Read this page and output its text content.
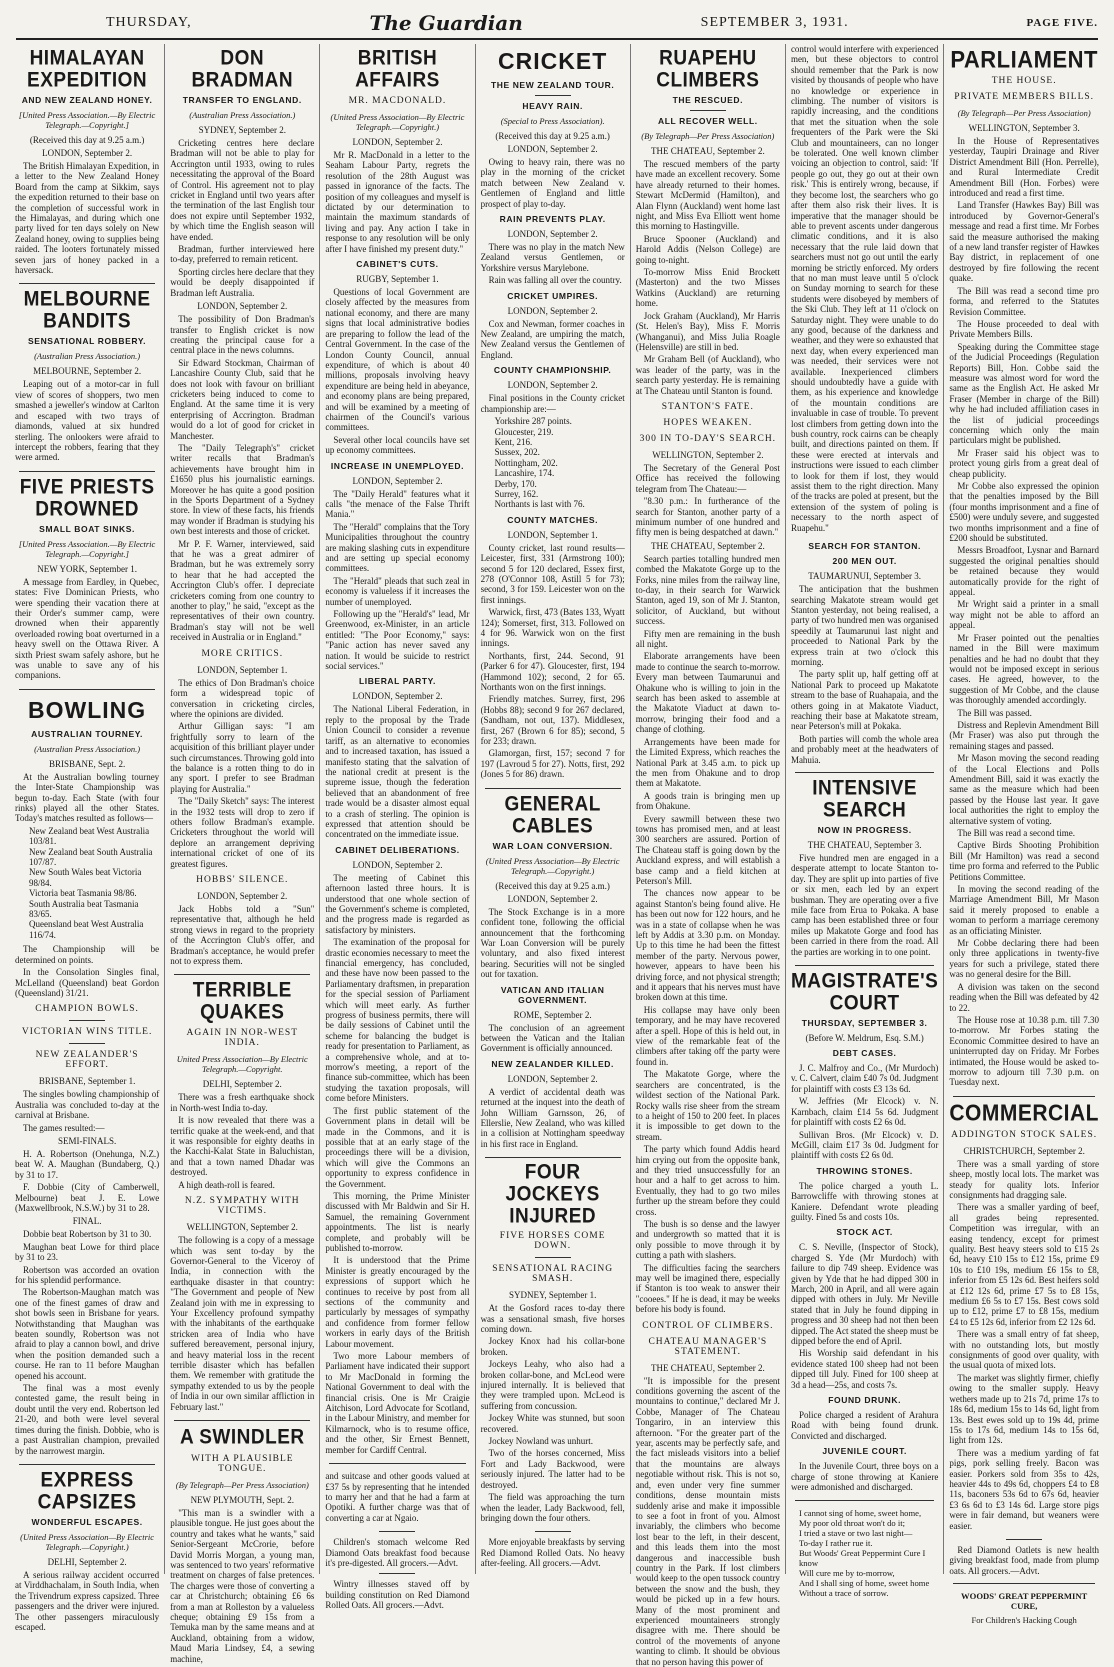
THURSDAY,	The Guardian	SEPTEMBER 3, 1931.	PAGE FIVE.
HIMALAYAN EXPEDITION
AND NEW ZEALAND HONEY.
[United Press Association.—By Electric Telegraph.—Copyright.]
(Received this day at 9.25 a.m.)
LONDON, September 2.

The British Himalayan Expedition, in a letter to the New Zealand Honey Board from the camp at Sikkim, says the expedition returned to their base on the completion of successful work in the Himalayas, and during which one party lived for ten days solely on New Zealand honey, owing to supplies being raided. The looters fortunately missed seven jars of honey packed in a haversack.

MELBOURNE BANDITS
SENSATIONAL ROBBERY.
(Australian Press Association.)
MELBOURNE, September 2.

Leaping out of a motor-car in full view of scores of shoppers, two men smashed a jeweller's window at Carlton and escaped with two trays of diamonds, valued at six hundred sterling. The onlookers were afraid to intercept the robbers, fearing that they were armed.

FIVE PRIESTS DROWNED
SMALL BOAT SINKS.
[United Press Association.—By Electric Telegraph.—Copyright.]
NEW YORK, September 1.

A message from Eardley, in Quebec, states: Five Dominican Priests, who were spending their vacation there at their Order's summer camp, were drowned when their apparently overloaded rowing boat overturned in a heavy swell on the Ottawa River. A sixth Priest swam safely ashore, but he was unable to save any of his companions.

BOWLING
AUSTRALIAN TOURNEY.
(Australian Press Association.)
BRISBANE, Sept. 2.

At the Australian bowling tourney the Inter-State Championship was begun to-day. Each State (with four rinks) played all the other States. Today's matches resulted as follows—

New Zealand beat West Australia 103/81.
New Zealand beat South Australia 107/87.
New South Wales beat Victoria 98/84.
Victoria beat Tasmania 98/86.
South Australia beat Tasmania 83/65.
Queensland beat West Australia 116/74.

The Championship will be determined on points.

In the Consolation Singles final, McLelland (Queensland) beat Gordon (Queensland) 31/21.

CHAMPION BOWLS.
VICTORIAN WINS TITLE.
NEW ZEALANDER'S EFFORT.
BRISBANE, September 1.

The singles bowling championship of Australia was concluded to-day at the carnival at Brisbane.

The games resulted:—

SEMI-FINALS.

H. A. Robertson (Onehunga, N.Z.) beat W. A. Maughan (Bundaberg, Q.) by 31 to 17.

F. Dobbie (City of Camberwell, Melbourne) beat J. E. Lowe (Maxwellbrook, N.S.W.) by 31 to 28.

FINAL.

Dobbie beat Robertson by 31 to 30.

Maughan beat Lowe for third place by 31 to 23.

Robertson was accorded an ovation for his splendid performance.

The Robertson-Maughan match was one of the finest games of draw and shot bowls seen in Brisbane for years. Notwithstanding that Maughan was beaten soundly, Robertson was not afraid to play a cannon bowl, and drive when the position demanded such a course. He ran to 11 before Maughan opened his account.

The final was a most evenly contested game, the result being in doubt until the very end. Robertson led 21-20, and both were level several times during the finish. Dobbie, who is a past Australian champion, prevailed by the narrowest margin.

EXPRESS CAPSIZES
WONDERFUL ESCAPES.
(United Press Association—By Electric Telegraph.—Copyright.)
DELHI, September 2.

A serious railway accident occurred at Virddhachalam, in South India, when the Trivendrum express capsized. Three passengers and the driver were injured. The other passengers miraculously escaped.

DON BRADMAN
TRANSFER TO ENGLAND.
(Australian Press Association.)
SYDNEY, September 2.

Cricketing centres here declare Bradman will not be able to play for Accrington until 1933, owing to rules necessitating the approval of the Board of Control. His agreement not to play cricket in England until two years after the termination of the last English tour does not expire until September 1932, by which time the English season will have ended.

Bradman, further interviewed here to-day, preferred to remain reticent.

Sporting circles here declare that they would be deeply disappointed if Bradman left Australia.

LONDON, September 2.

The possibility of Don Bradman's transfer to English cricket is now creating the principal cause for a central place in the news columns.

Sir Edward Stockman, Chairman of Lancashire County Club, said that he does not look with favour on brilliant cricketers being induced to come to England. At the same time it is very enterprising of Accrington. Bradman would do a lot of good for cricket in Manchester.

The "Daily Telegraph's" cricket writer recalls that Bradman's achievements have brought him in £1650 plus his journalistic earnings. Moreover he has quite a good position in the Sports Department of a Sydney store. In view of these facts, his friends may wonder if Bradman is studying his own best interests and those of cricket.

Mr P. F. Warner, interviewed, said that he was a great admirer of Bradman, but he was extremely sorry to hear that he had accepted the Accrington Club's offer. I depreciate cricketers coming from one country to another to play," he said, "except as the representatives of their own country. Bradman's stay will not be well received in Australia or in England."

MORE CRITICS.
LONDON, September 1.

The ethics of Don Bradman's choice form a widespread topic of conversation in cricketing circles, where the opinions are divided.

Arthur Gilligan says: "I am frightfully sorry to learn of the acquisition of this brilliant player under such circumstances. Throwing gold into the balance is a rotten thing to do in any sport. I prefer to see Bradman playing for Australia."

The "Daily Sketch" says: The interest in the 1932 tests will drop to zero if others follow Bradman's example. Cricketers throughout the world will deplore an arrangement depriving international cricket of one of its greatest figures.

HOBBS' SILENCE.
LONDON, September 2.

Jack Hobbs told a "Sun" representative that, although he held strong views in regard to the propriety of the Accrington Club's offer, and Bradman's acceptance, he would prefer not to express them.

TERRIBLE QUAKES
AGAIN IN NOR-WEST INDIA.
United Press Association—By Electric Telegraph.—Copyright.
DELHI, September 2.

There was a fresh earthquake shock in North-west India to-day.

It is now revealed that there was a terrific quake at the week-end, and that it was responsible for eighty deaths in the Kacchi-Kalat State in Baluchistan, and that a town named Dhadar was destroyed.

A high death-roll is feared.

N.Z. SYMPATHY WITH VICTIMS.
WELLINGTON, September 2.

The following is a copy of a message which was sent to-day by the Governor-General to the Viceroy of India, in connection with the earthquake disaster in that country: "The Government and people of New Zealand join with me in expressing to Your Excellency profound sympathy with the inhabitants of the earthquake stricken area of India who have suffered bereavement, personal injury, and heavy material loss in the recent terrible disaster which has befallen them. We remember with gratitude the sympathy extended to us by the people of India in our own similar affliction in February last."

A SWINDLER
WITH A PLAUSIBLE TONGUE.
(By Telegraph—Per Press Association)
NEW PLYMOUTH, Sept. 2.

"This man is a swindler with a plausible tongue. He just goes about the country and takes what he wants," said Senior-Sergeant McCrorie, before David Morris Morgan, a young man, was sentenced to two years' reformative treatment on charges of false pretences. The charges were those of converting a car at Christchurch; obtaining £6 6s from a man at Rolleston by a valueless cheque; obtaining £9 15s from a Temuka man by the same means and at Auckland, obtaining from a widow, Maud Maria Lindsey, £4, a sewing machine,

BRITISH AFFAIRS
MR. MACDONALD.
(United Press Association—By Electric Telegraph.—Copyright.)
LONDON, September 2.

Mr R. MacDonald in a letter to the Seaham Labour Party, regrets the resolution of the 28th August was passed in ignorance of the facts. The position of my colleagues and myself is dictated by our determination to maintain the maximum standards of living and pay. Any action I take in response to any resolution will be only after I have finished my present duty."

CABINET'S CUTS.
RUGBY, September 1.

Questions of local Government are closely affected by the measures from national economy, and there are many signs that local administrative bodies are preparing to follow the lead of the Central Government. In the case of the London County Council, annual expenditure, of which is about 40 millions, proposals involving heavy expenditure are being held in abeyance, and economy plans are being prepared, and will be examined by a meeting of chairmen of the Council's various committees.

Several other local councils have set up economy committees.

INCREASE IN UNEMPLOYED.
LONDON, September 2.

The "Daily Herald" features what it calls "the menace of the False Thrift Mania."

The "Herald" complains that the Tory Municipalities throughout the country are making slashing cuts in expenditure and are setting up special economy committees.

The "Herald" pleads that such zeal in economy is valueless if it increases the number of unemployed.

Following up the "Herald's" lead, Mr Greenwood, ex-Minister, in an article entitled: "The Poor Economy," says: "Panic action has never saved any nation. It would be suicide to restrict social services."

LIBERAL PARTY.
LONDON, September 2.

The National Liberal Federation, in reply to the proposal by the Trade Union Council to consider a revenue tariff, as an alternative to economies and to increased taxation, has issued a manifesto stating that the salvation of the national credit at present is the supreme issue, though the federation believed that an abandonment of free trade would be a disaster almost equal to a crash of sterling. The opinion is expressed that attention should be concentrated on the immediate issue.

CABINET DELIBERATIONS.
LONDON, September 2.

The meeting of Cabinet this afternoon lasted three hours. It is understood that one whole section of the Government's scheme is completed, and the progress made is regarded as satisfactory by ministers.

The examination of the proposal for drastic economies necessary to meet the financial emergency, has concluded, and these have now been passed to the Parliamentary draftsmen, in preparation for the special session of Parliament which will meet early. As further progress of business permits, there will be daily sessions of Cabinet until the scheme for balancing the budget is ready for presentation to Parliament, as a comprehensive whole, and at to-morrow's meeting, a report of the finance sub-committee, which has been studying the taxation proposals, will come before Ministers.

The first public statement of the Government plans in detail will be made in the Commons, and it is possible that at an early stage of the proceedings there will be a division, which will give the Commons an opportunity to express confidence in the Government.

This morning, the Prime Minister discussed with Mr Baldwin and Sir H. Samuel, the remaining Government appointments. The list is nearly complete, and probably will be published to-morrow.

It is understood that the Prime Minister is greatly encouraged by the expressions of support which he continues to receive by post from all sections of the community and particularly by messages of sympathy and confidence from former fellow workers in early days of the British Labour movement.

Two more Labour members of Parliament have indicated their support to Mr MacDonald in forming the National Government to deal with the financial crisis. One is Mr Craigie Aitchison, Lord Advocate for Scotland, in the Labour Ministry, and member for Kilmarnock, who is to resume office, and the other, Sir Ernest Bennett, member for Cardiff Central.

and suitcase and other goods valued at £37 5s by representing that he intended to marry her and that he had a farm at Opotiki. A further charge was that of converting a car at Ngaio.

Children's stomach welcome Red Diamond Oats breakfast food because it's pre-digested. All grocers.—Advt.

Wintry illnesses staved off by building constitution on Red Diamond Rolled Oats. All grocers.—Advt.

CRICKET
THE NEW ZEALAND TOUR.
HEAVY RAIN.
(Special to Press Association).
(Received this day at 9.25 a.m.)
LONDON, September 2.

Owing to heavy rain, there was no play in the morning of the cricket match between New Zealand v. Gentlemen of England and little prospect of play to-day.

RAIN PREVENTS PLAY.
LONDON, September 2.

There was no play in the match New Zealand versus Gentlemen, or Yorkshire versus Marylebone.

Rain was falling all over the country.

CRICKET UMPIRES.
LONDON, September 2.

Cox and Newman, former coaches in New Zealand, are umpiring the match, New Zealand versus the Gentlemen of England.

COUNTY CHAMPIONSHIP.
LONDON, September 2.

Final positions in the County cricket championship are:—

Yorkshire 287 points.
Gloucester, 219.
Kent, 216.
Sussex, 202.
Nottingham, 202.
Lancashire, 174.
Derby, 170.
Surrey, 162.
Northants is last with 76.
COUNTY MATCHES.
LONDON, September 1.

County cricket, last round results—Leicester, first, 331 (Armstrong 100); second 5 for 120 declared, Essex first, 278 (O'Connor 108, Astill 5 for 73); second, 3 for 159. Leicester won on the first innings.

Warwick, first, 473 (Bates 133, Wyatt 124); Somerset, first, 313. Followed on 4 for 96. Warwick won on the first innings.

Northants, first, 244. Second, 91 (Parker 6 for 47). Gloucester, first, 194 (Hammond 102); second, 2 for 65. Northants won on the first innings.

Friendly matches. Surrey, first, 296 (Hobbs 88); second 9 for 267 declared, (Sandham, not out, 137). Middlesex, first, 267 (Brown 6 for 85); second, 5 for 233; drawn.

Glamorgan, first, 157; second 7 for 197 (Lavroud 5 for 27). Notts, first, 292 (Jones 5 for 86) drawn.

GENERAL CABLES
WAR LOAN CONVERSION.
(United Press Association—By Electric Telegraph.—Copyright.)
(Received this day at 9.25 a.m.)
LONDON, September 2.

The Stock Exchange is in a more confident tone, following the official announcement that the forthcoming War Loan Conversion will be purely voluntary, and also fixed interest bearing. Securities will not be singled out for taxation.

VATICAN AND ITALIAN GOVERNMENT.
ROME, September 2.

The conclusion of an agreement between the Vatican and the Italian Government is officially announced.

NEW ZEALANDER KILLED.
LONDON, September 2.

A verdict of accidental death was returned at the inquest into the death of John William Garnsson, 26, of Ellerslie, New Zealand, who was killed in a collision at Nottingham speedway in his first race in England.

FOUR JOCKEYS INJURED
FIVE HORSES COME DOWN.
SENSATIONAL RACING SMASH.
SYDNEY, September 1.

At the Gosford races to-day there was a sensational smash, five horses coming down.

Jockey Knox had his collar-bone broken.

Jockeys Leahy, who also had a broken collar-bone, and McLeod were injured internally. It is believed that they were trampled upon. McLeod is suffering from concussion.

Jockey White was stunned, but soon recovered.

Jockey Nowland was unhurt.

Two of the horses concerned, Miss Fort and Lady Backwood, were seriously injured. The latter had to be destroyed.

The field was approaching the turn when the leader, Lady Backwood, fell, bringing down the four others.

More enjoyable breakfasts by serving Red Diamond Rolled Oats. No heavy after-feeling. All grocers.—Advt.

RUAPEHU CLIMBERS
THE RESCUED.
ALL RECOVER WELL.
(By Telegraph—Per Press Association)
THE CHATEAU, September 2.

The rescued members of the party have made an excellent recovery. Some have already returned to their homes. Stewart McDermid (Hamilton), and Alan Flynn (Auckland) went home last night, and Miss Eva Elliott went home this morning to Hastingville.

Bruce Spooner (Auckland) and Harold Addis (Nelson College) are going to-night.

To-morrow Miss Enid Brockett (Masterton) and the two Misses Watkins (Auckland) are returning home.

Jock Graham (Auckland), Mr Harris (St. Helen's Bay), Miss F. Morris (Whanganui), and Miss Julia Roagle (Helensville) are still in bed.

Mr Graham Bell (of Auckland), who was leader of the party, was in the search party yesterday. He is remaining at The Chateau until Stanton is found.

STANTON'S FATE.
HOPES WEAKEN.
300 IN TO-DAY'S SEARCH.
WELLINGTON, September 2.

The Secretary of the General Post Office has received the following telegram from The Chateau:—

"8.30 p.m.: In furtherance of the search for Stanton, another party of a minimum number of one hundred and fifty men is being despatched at dawn."

THE CHATEAU, September 2.

Search parties totalling hundred men combed the Makatote Gorge up to the Forks, nine miles from the railway line, to-day, in their search for Warwick Stanton, aged 19, son of Mr J. Stanton, solicitor, of Auckland, but without success.

Fifty men are remaining in the bush all night.

Elaborate arrangements have been made to continue the search to-morrow. Every man between Taumarunui and Ohakune who is willing to join in the search has been asked to assemble at the Makatote Viaduct at dawn to-morrow, bringing their food and a change of clothing.

Arrangements have been made for the Limited Express, which reaches the National Park at 3.45 a.m. to pick up the men from Ohakune and to drop them at Makatote.

A goods train is bringing men up from Ohakune.

Every sawmill between these two towns has promised men, and at least 300 searchers are assured. Portion of The Chateau staff is going down by the Auckland express, and will establish a base camp and a field kitchen at Peterson's Mill.

The chances now appear to be against Stanton's being found alive. He has been out now for 122 hours, and he was in a state of collapse when he was left by Addis at 3.30 p.m. on Monday. Up to this time he had been the fittest member of the party. Nervous power, however, appears to have been his driving force, and not physical strength; and it appears that his nerves must have broken down at this time.

His collapse may have only been temporary, and he may have recovered after a spell. Hope of this is held out, in view of the remarkable feat of the climbers after taking off the party were found in.

The Makatote Gorge, where the searchers are concentrated, is the wildest section of the National Park. Rocky walls rise sheer from the stream to a height of 150 to 200 feet. In places it is impossible to get down to the stream.

The party which found Addis heard him crying out from the opposite bank, and they tried unsuccessfully for an hour and a half to get across to him. Eventually, they had to go two miles further up the stream before they could cross.

The bush is so dense and the lawyer and undergrowth so matted that it is only possible to move through it by cutting a path with slashers.

The difficulties facing the searchers may well be imagined there, especially if Stanton is too weak to answer their "cooees." If he is dead, it may be weeks before his body is found.

CONTROL OF CLIMBERS.
CHATEAU MANAGER'S STATEMENT.
THE CHATEAU, September 2.

"It is impossible for the present conditions governing the ascent of the mountains to continue," declared Mr J. Cobbe, Manager of The Chateau Tongariro, in an interview this afternoon. "For the greater part of the year, ascents may be perfectly safe, and the fact misleads visitors into a belief that the mountains are always negotiable without risk. This is not so, and, even under very fine summer conditions, dense mountain mists suddenly arise and make it impossible to see a foot in front of you. Almost invariably, the climbers who become lost bear to the left, in their descent, and this leads them into the most dangerous and inaccessible bush country in the Park. If lost climbers would keep to the open tussock country between the snow and the bush, they would be picked up in a few hours. Many of the most prominent and experienced mountaineers strongly disagree with me. There should be control of the movements of anyone wanting to climb. It should be obvious that no person having this power of

control would interfere with experienced men, but these objectors to control should remember that the Park is now visited by thousands of people who have no knowledge or experience in climbing. The number of visitors is rapidly increasing, and the conditions that met the situation when the sole frequenters of the Park were the Ski Club and mountaineers, can no longer be tolerated. One well known climber voicing an objection to control, said: 'If people go out, they go out at their own risk.' This is entirely wrong, because, if they become lost, the searchers who go after them also risk their lives. It is imperative that the manager should be able to prevent ascents under dangerous climatic conditions, and it is also necessary that the rule laid down that searchers must not go out until the early morning be strictly enforced. My orders that no man must leave until 5 o'clock on Sunday morning to search for these students were disobeyed by members of the Ski Club. They left at 11 o'clock on Saturday night. They were unable to do any good, because of the darkness and weather, and they were so exhausted that next day, when every experienced man was needed, their services were not available. Inexperienced climbers should undoubtedly have a guide with them, as his experience and knowledge of the mountain conditions are invaluable in case of trouble. To prevent lost climbers from getting down into the bush country, rock cairns can be cheaply built, and directions painted on them. If these were erected at intervals and instructions were issued to each climber to look for them if lost, they would assist them to the right direction. Many of the tracks are poled at present, but the extension of the system of poling is necessary to the north aspect of Ruapehu."

SEARCH FOR STANTON.
200 MEN OUT.
TAUMARUNUI, September 3.

The anticipation that the bushmen searching Makatote stream would get Stanton yesterday, not being realised, a party of two hundred men was organised speedily at Taumarunui last night and proceeded to National Park by the express train at two o'clock this morning.

The party split up, half getting off at National Park to proceed up Makatote stream to the base of Ruahapaia, and the others going in at Makatote Viaduct, reaching their base at Makatote stream, near Peterson's mill at Pokaka.

Both parties will comb the whole area and probably meet at the headwaters of Mahuia.

INTENSIVE SEARCH
NOW IN PROGRESS.
THE CHATEAU, September 3.

Five hundred men are engaged in a desperate attempt to locate Stanton to-day. They are split up into parties of five or six men, each led by an expert bushman. They are operating over a five mile face from Erua to Pokaka. A base camp has been established three or four miles up Makatote Gorge and food has been carried in there from the road. All the parties are working in to one point.

MAGISTRATE'S COURT
THURSDAY, SEPTEMBER 3.
(Before W. Meldrum, Esq. S.M.)
DEBT CASES.

J. C. Malfroy and Co., (Mr Murdoch) v. C. Calvert, claim £40 7s 0d. Judgment for plaintiff with costs £3 13s 6d.

W. Jeffries (Mr Elcock) v. N. Karnbach, claim £14 5s 6d. Judgment for plaintiff with costs £2 6s 0d.

Sullivan Bros. (Mr Elcock) v. D. McGill, claim £17 3s 0d. Judgment for plaintiff with costs £2 6s 0d.

THROWING STONES.

The police charged a youth L. Barrowcliffe with throwing stones at Kaniere. Defendant wrote pleading guilty. Fined 5s and costs 10s.

STOCK ACT.

C. S. Neville, (Inspector of Stock), charged S. Yde (Mr Murdoch) with failure to dip 749 sheep. Evidence was given by Yde that he had dipped 300 in March, 200 in April, and all were again dipped with others in July. Mr Neville stated that in July he found dipping in progress and 30 sheep had not then been dipped. The Act stated the sheep must be dipped before the end of April.

His Worship said defendant in his evidence stated 100 sheep had not been dipped till July. Fined for 100 sheep at 3d a head—25s, and costs 7s.

FOUND DRUNK.

Police charged a resident of Arahura Road with being found drunk. Convicted and discharged.

JUVENILE COURT.

In the Juvenile Court, three boys on a charge of stone throwing at Kaniere were admonished and discharged.

I cannot sing of home, sweet home,
My poor old throat won't do it;
I tried a stave or two last night—
To-day I rather rue it.
But Woods' Great Peppermint Cure I know
Will cure me by to-morrow,
And I shall sing of home, sweet home
Without a trace of sorrow.
PARLIAMENT
THE HOUSE.
PRIVATE MEMBERS BILLS.
(By Telegraph—Per Press Association)
WELLINGTON, September 3.

In the House of Representatives yesterday, Taupiri Drainage and River District Amendment Bill (Hon. Perrelle), and Rural Intermediate Credit Amendment Bill (Hon. Forbes) were introduced and read a first time.

Land Transfer (Hawkes Bay) Bill was introduced by Governor-General's message and read a first time. Mr Forbes said the measure authorised the making of a new land transfer register of Hawkes Bay district, in replacement of one destroyed by fire following the recent quake.

The Bill was read a second time pro forma, and referred to the Statutes Revision Committee.

The House proceeded to deal with Private Members Bills.

Speaking during the Committee stage of the Judicial Proceedings (Regulation Reports) Bill, Hon. Cobbe said the measure was almost word for word the same as the English Act. He asked Mr Fraser (Member in charge of the Bill) why he had included affiliation cases in the list of judicial proceedings concerning which only the main particulars might be published.

Mr Fraser said his object was to protect young girls from a great deal of cheap publicity.

Mr Cobbe also expressed the opinion that the penalties imposed by the Bill (four months imprisonment and a fine of £500) were unduly severe, and suggested two months imprisonment and a fine of £200 should be substituted.

Messrs Broadfoot, Lysnar and Barnard suggested the original penalties should be retained because they would automatically provide for the right of appeal.

Mr Wright said a printer in a small way might not be able to afford an appeal.

Mr Fraser pointed out the penalties named in the Bill were maximum penalties and he had no doubt that they would not be imposed except in serious cases. He agreed, however, to the suggestion of Mr Cobbe, and the clause was thoroughly amended accordingly.

The Bill was passed.

Distress and Replevin Amendment Bill (Mr Fraser) was also put through the remaining stages and passed.

Mr Mason moving the second reading of the Local Elections and Polls Amendment Bill, said it was exactly the same as the measure which had been passed by the House last year. It gave local authorities the right to employ the alternative system of voting.

The Bill was read a second time.

Captive Birds Shooting Prohibition Bill (Mr Hamilton) was read a second time pro forma and referred to the Public Petitions Committee.

In moving the second reading of the Marriage Amendment Bill, Mr Mason said it merely proposed to enable a woman to perform a marriage ceremony as an officiating Minister.

Mr Cobbe declaring there had been only three applications in twenty-five years for such a privilege, stated there was no general desire for the Bill.

A division was taken on the second reading when the Bill was defeated by 42 to 22.

The House rose at 10.38 p.m. till 7.30 to-morrow. Mr Forbes stating the Economic Committee desired to have an uninterrupted day on Friday. Mr Forbes intimated, the House would be asked to-morrow to adjourn till 7.30 p.m. on Tuesday next.

COMMERCIAL
ADDINGTON STOCK SALES.
CHRISTCHURCH, September 2.

There was a small yarding of store sheep, mostly local lots. The market was steady for quality lots. Inferior consignments had dragging sale.

There was a smaller yarding of beef, all grades being represented. Competition was irregular, with an easing tendency, except for primest quality. Best heavy steers sold to £15 2s 6d, heavy £10 15s to £12 15s, prime £9 10s to £10 19s, medium £6 15s to £8, inferior from £5 12s 6d. Best heifers sold at £12 12s 6d, prime £7 5s to £8 15s, medium £6 5s to £7 15s. Best cows sold up to £12, prime £7 to £8 15s, medium £4 to £5 12s 6d, inferior from £2 12s 6d.

There was a small entry of fat sheep, with no outstanding lots, but mostly consignments of good over quality, with the usual quota of mixed lots.

The market was slightly firmer, chiefly owing to the smaller supply. Heavy wethers made up to 21s 7d, prime 17s to 18s 6d, medium 15s to 14s 6d, light from 13s. Best ewes sold up to 19s 4d, prime 15s to 17s 6d, medium 14s to 15s 6d, light from 12s.

There was a medium yarding of fat pigs, pork selling freely. Bacon was easier. Porkers sold from 35s to 42s, heavier 44s to 49s 6d, choppers £4 to £8 11s, baconers 53s 6d to 67s 6d, heavier £3 6s 6d to £3 14s 6d. Large store pigs were in fair demand, but weaners were easier.

Red Diamond Oatlets is new health giving breakfast food, made from plump oats. All grocers.—Advt.

WOODS' GREAT PEPPERMINT CURE,
For Children's Hacking Cough
